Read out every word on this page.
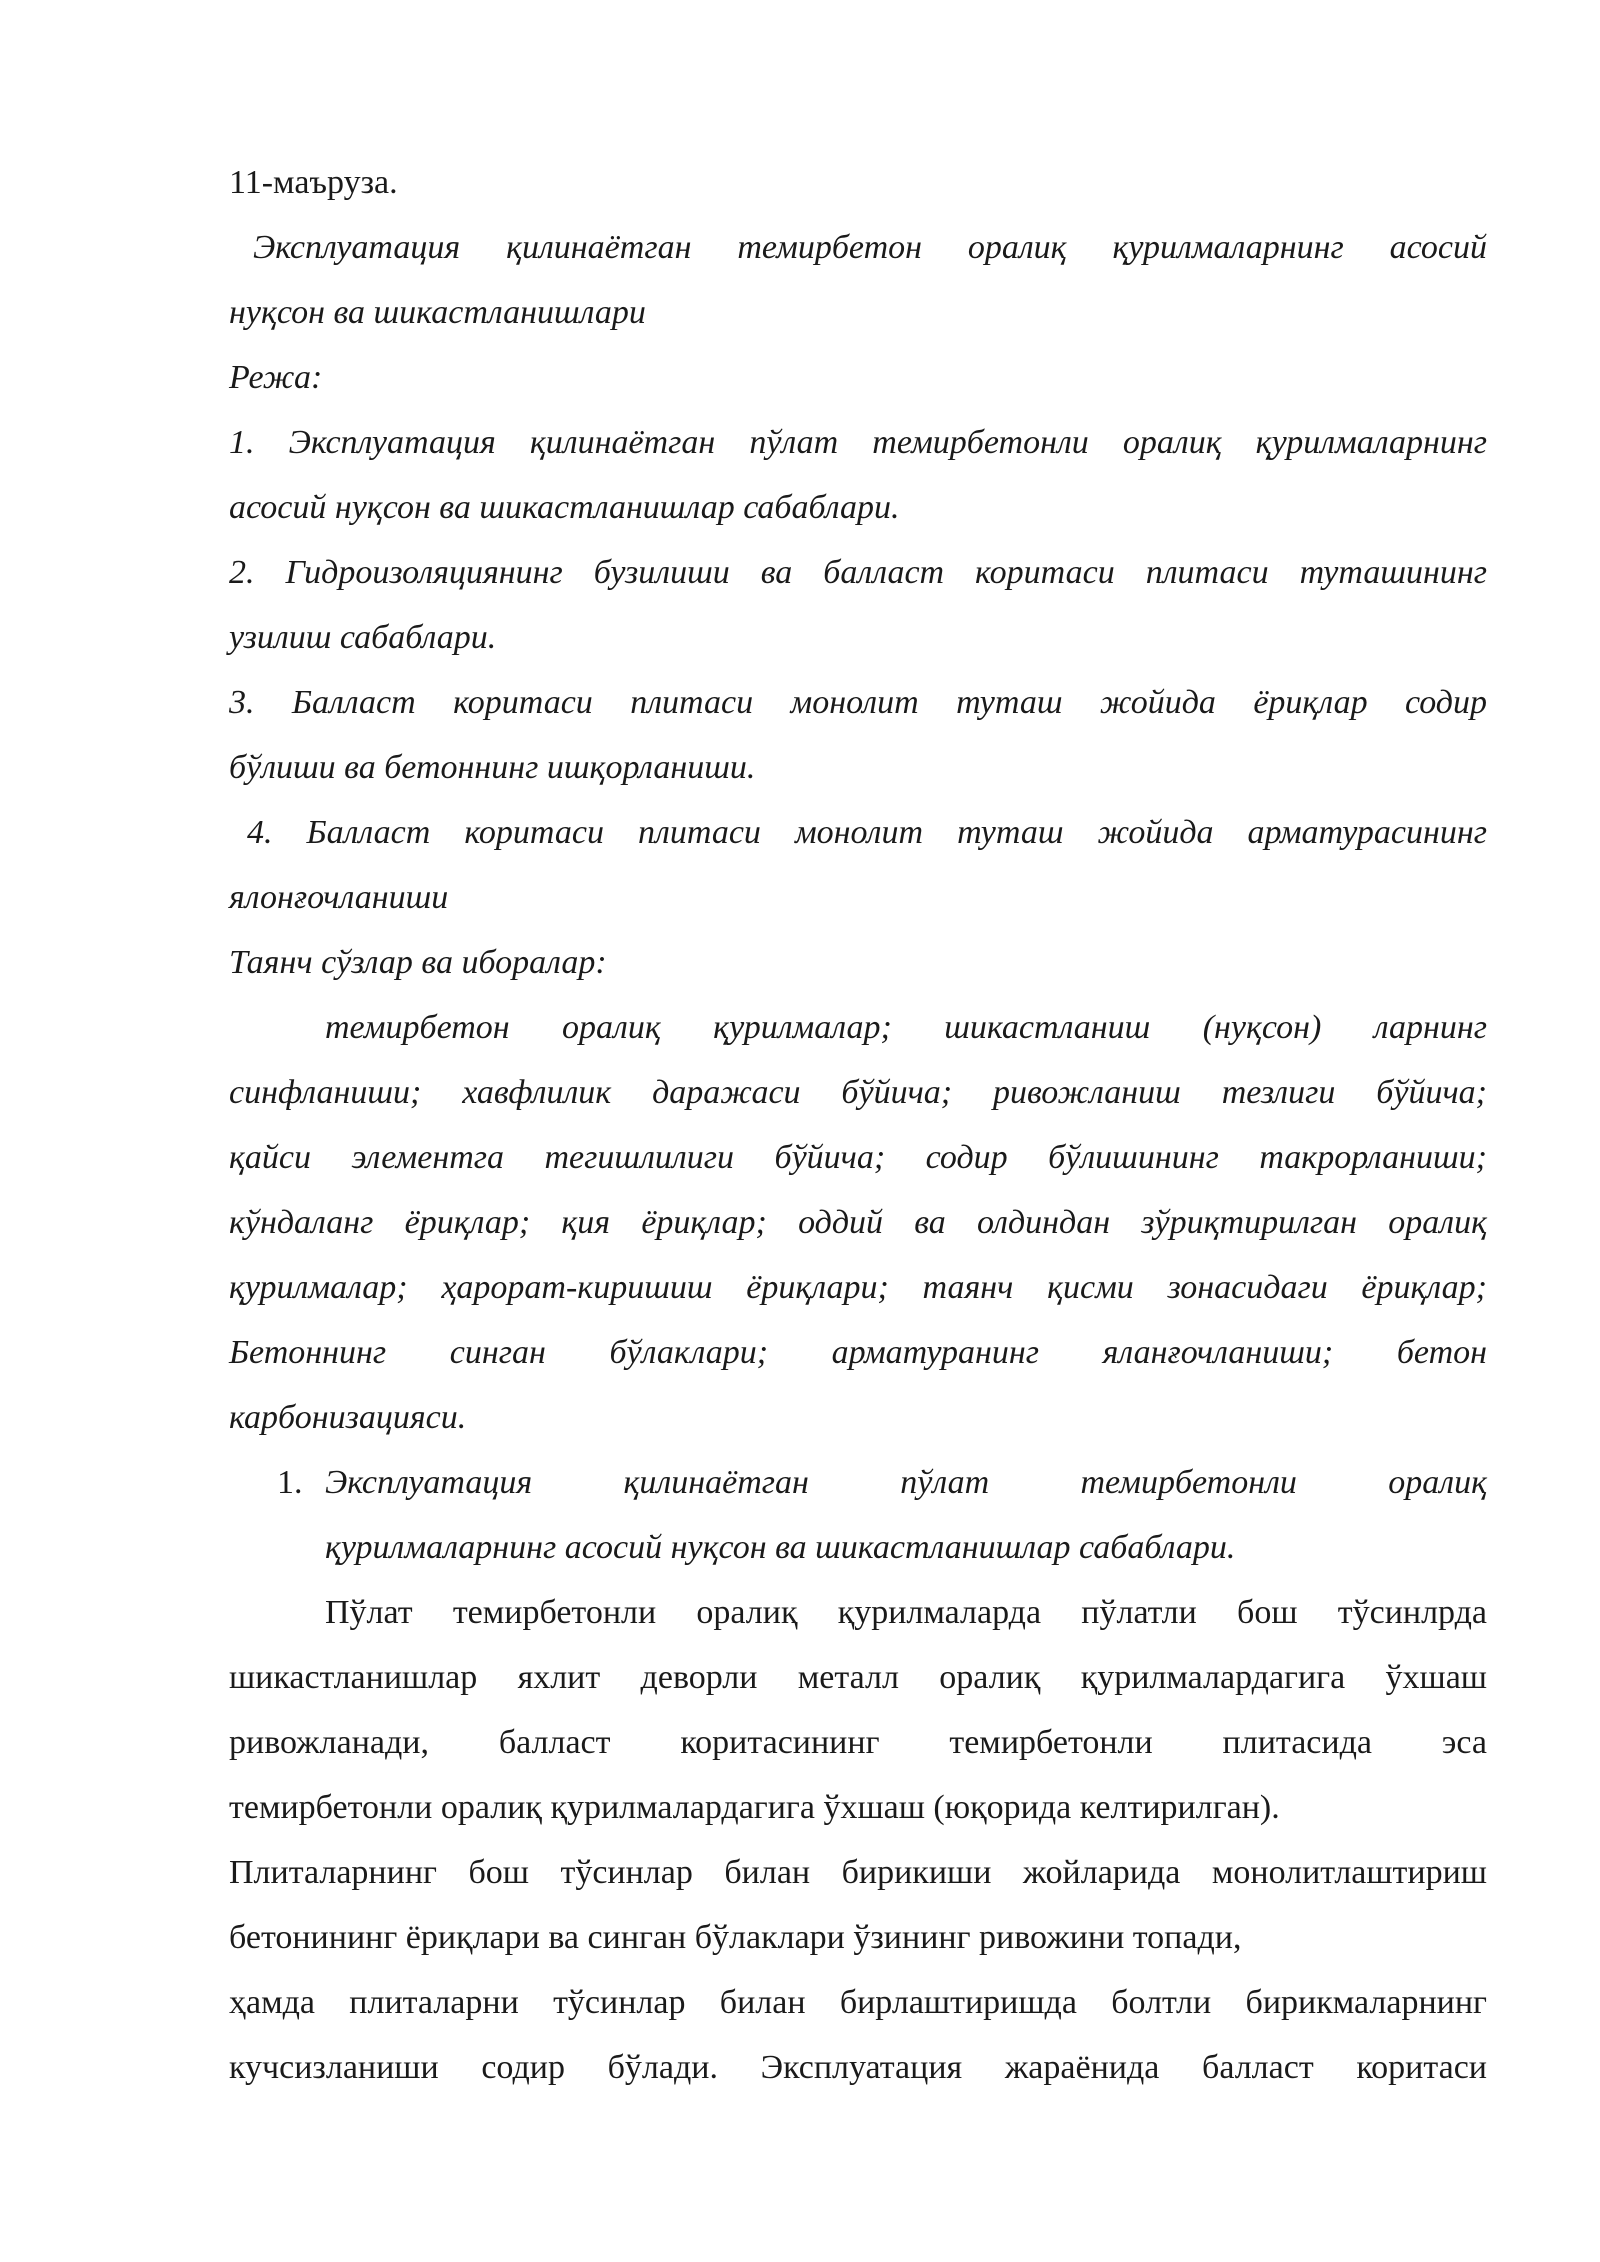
11-маъруза.
Эксплуатация қилинаётган темирбетон оралиқ қурилмаларнинг асосий
нуқсон ва шикастланишлари
Режа:
1. Эксплуатация қилинаётган пўлат темирбетонли оралиқ қурилмаларнинг
асосий нуқсон ва шикастланишлар сабаблари.
2. Гидроизоляциянинг бузилиши ва баллаcт коритаси плитаси туташининг
узилиш сабаблари.
3. Баллаcт коритаси плитаси монолит туташ жойида ёриқлар содир
бўлиши ва бетоннинг ишқорланиши.
4. Баллаcт коритаси плитаси монолит туташ жойида арматурасининг
ялонғочланиши
Таянч сўзлар ва иборалар:
темирбетон оралиқ қурилмалар; шикастланиш (нуқсон) ларнинг
синфланиши; хавфлилик даражаси бўйича; ривожланиш тезлиги бўйича;
қайси элементга тегишлилиги бўйича; содир бўлишининг такрорланиши;
кўндаланг ёриқлар; қия ёриқлар; оддий ва олдиндан зўриқтирилган оралиқ
қурилмалар; ҳарорат-киришиш ёриқлари; таянч қисми зонасидаги ёриқлар;
Бетоннинг синган бўлаклари; арматуранинг яланғочланиши; бетон
карбонизацияси.
1. Эксплуатация қилинаётган пўлат темирбетонли оралиқ
қурилмаларнинг асосий нуқсон ва шикастланишлар сабаблари.
Пўлат темирбетонли оралиқ қурилмаларда пўлатли бош тўсинлрда
шикастланишлар яхлит деворли металл оралиқ қурилмалардагига ўхшаш
ривожланади, баллаcт коритасининг темирбетонли плитасида эса
темирбетонли оралиқ қурилмалардагига ўхшаш (юқорида келтирилган).
Плиталарнинг бош тўсинлар билан бирикиши жойларида монолитлаштириш
бетонининг ёриқлари ва синган бўлаклари ўзининг ривожини топади,
ҳамда плиталарни тўсинлар билан бирлаштиришда болтли бирикмаларнинг
кучсизланиши содир бўлади. Эксплуатация жараёнида баллаcт коритаси
